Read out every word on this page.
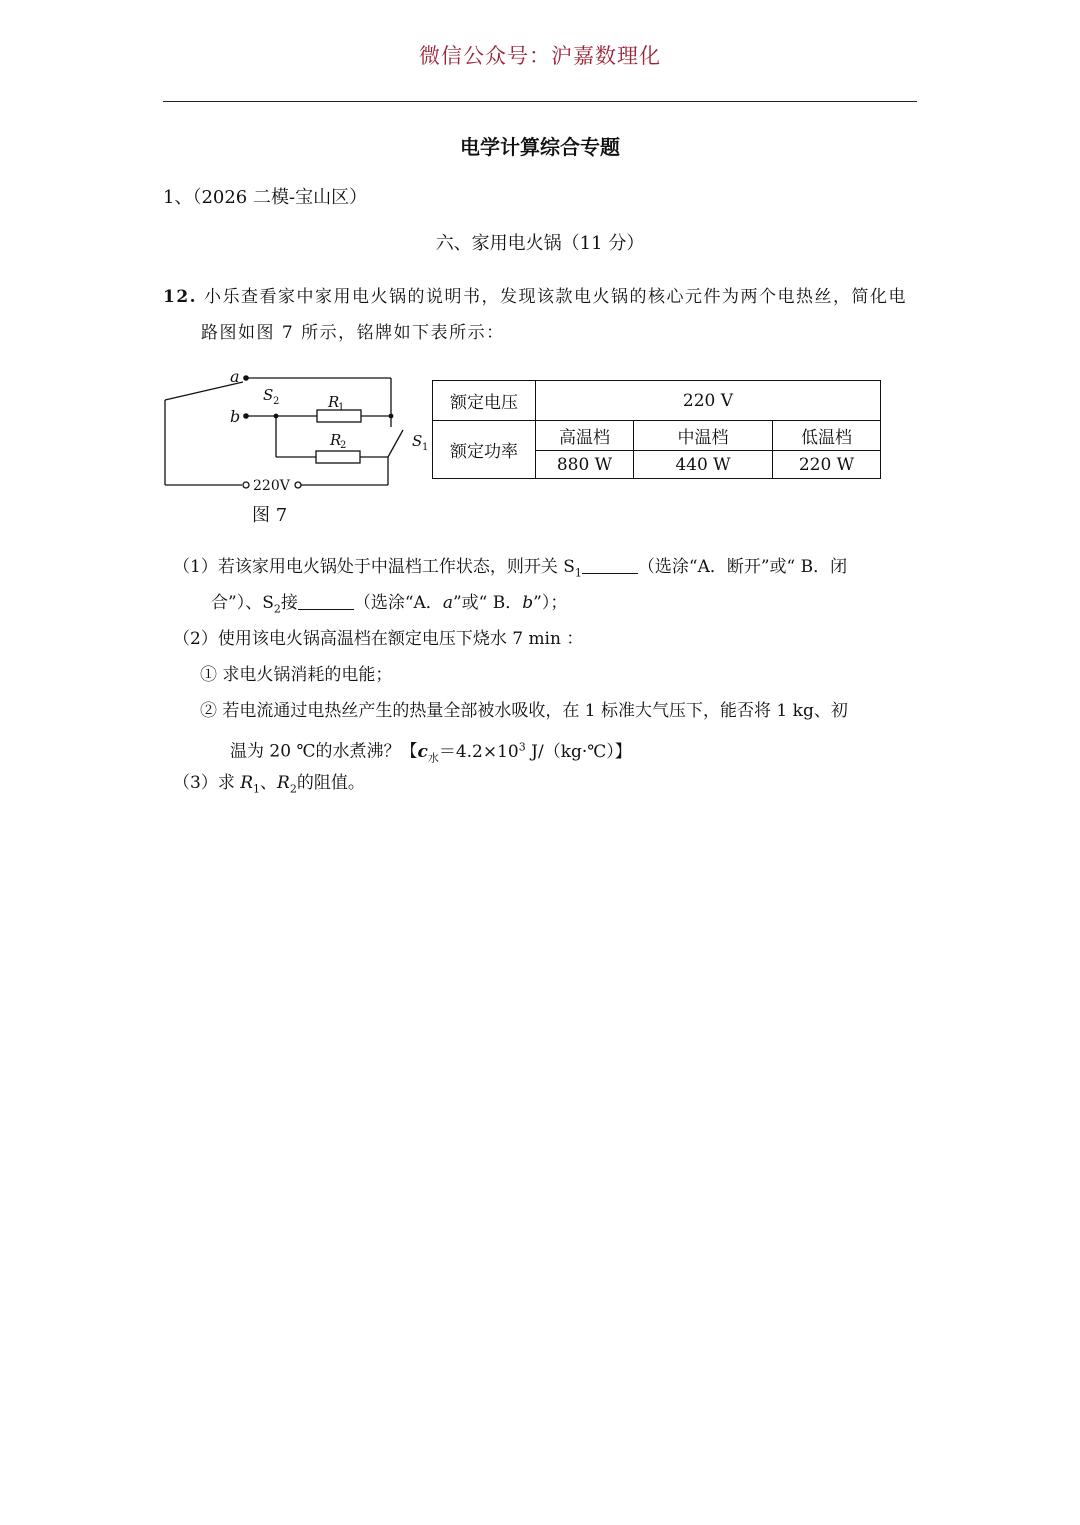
微信公众号：沪嘉数理化
电学计算综合专题
1、（2026 二模-宝山区）
六、家用电火锅（11 分）
12. 小乐查看家中家用电火锅的说明书，发现该款电火锅的核心元件为两个电热丝，简化电
路图如图 7 所示，铭牌如下表所示：
a
b
S 2	R
1
R
2	S 1
220V
图 7
额定电压	220 V		
额定功率	高温档	中温档	低温档
	880 W	440 W	220 W
（1）若该家用电火锅处于中温档工作状态，则开关 $S_1$	（选涂“A．断开”或“ B．闭
合”）、$S_2$接	（选涂“A．a”或“ B．b”）；
（2）使用该电火锅高温档在额定电压下烧水 7 min ：
① 求电火锅消耗的电能；
② 若电流通过电热丝产生的热量全部被水吸收，在 1 标准大气压下，能否将 1 kg、初
温为 20 ℃的水煮沸？【$c_水=4.2\times 10^3$ J/（kg·℃）】
（3）求 $R_1$、$R_2$的阻值。
